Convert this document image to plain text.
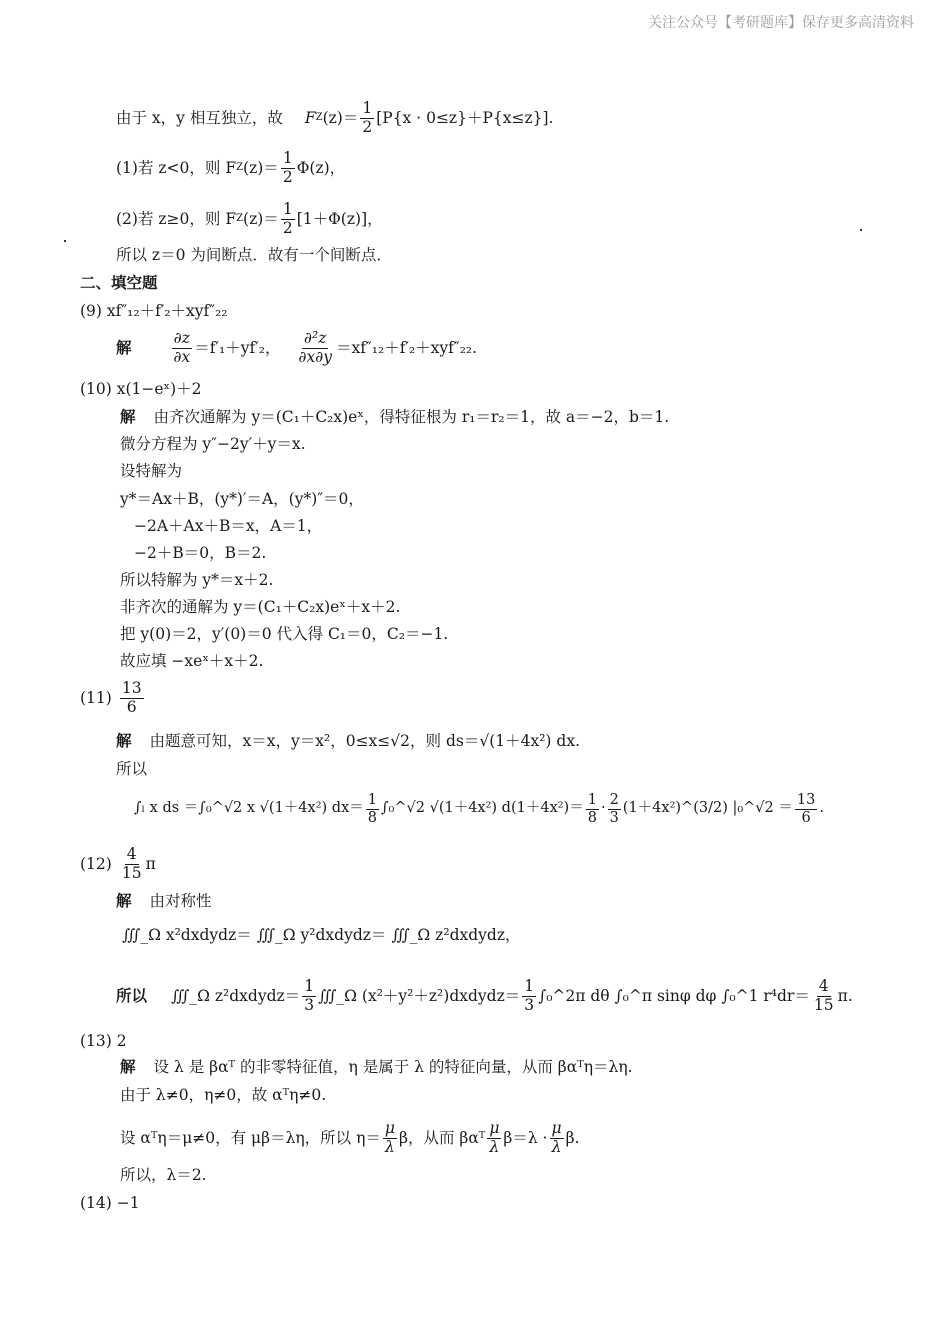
关注公众号【考研题库】保存更多高清资料
由于 x，y 相互独立，故 F Z $(z)= \frac{1}{2} [P\{x \cdot 0\le z\}+P\{x\le z\}]$.
(1)若 z<0，则 F Z $(z)= \frac{1}{2} \Phi(z)$，
(2)若 z≥0，则 F Z $(z)= \frac{1}{2} [1+\Phi(z)]$，
所以 z＝0 为间断点．故有一个间断点．
二、填空题
(9) xf″₁₂＋f′₂＋xyf″₂₂
解	$\frac{\partial z}{\partial x} =f'_1+yf'_2$， $\frac{\text{∂²z}}{\partial x\partial y} =xf''_{12}+f'_2+xyf''_{22}$.
(10) x(1−eˣ)＋2
解 由齐次通解为 y＝(C₁＋C₂x)eˣ，得特征根为 r₁＝r₂＝1，故 a＝−2，b＝1.
微分方程为 y″−2y′＋y＝x.
设特解为
y*＝Ax＋B，(y*)′＝A，(y*)″＝0，
−2A＋Ax＋B＝x，A＝1，
−2＋B＝0，B＝2.
所以特解为 y*＝x＋2.
非齐次的通解为 y＝(C₁＋C₂x)eˣ＋x＋2.
把 y(0)＝2，y′(0)＝0 代入得 C₁＝0，C₂＝−1.
故应填 −xeˣ＋x＋2.
$(11) \frac{13}{6}$
解 由题意可知，x＝x，y＝x²，0≤x≤√2，则 ds＝√(1＋4x²) dx.
所以
∫ₗ x ds ＝∫₀^√2 x √(1＋4x²) $dx= \frac{1}{8}$ ∫₀^√2 √(1＋4x²) $d(1+4x^2)= \frac{1}{8} \cdot \frac{2}{3}$ (1＋4x²)^(3/2) |₀^√2 ＝ $\frac{13}{6}$ .
$(12) \frac{4}{15}$ π
解 由对称性
∭_Ω x²dxdydz＝ ∭_Ω y²dxdydz＝ ∭_Ω z²dxdydz，
所以 ∭_Ω z²dxdydz＝ $\frac{1}{3}$ ∭_Ω (x²＋y²＋z²)dxdydz＝ $\frac{1}{3}$ ∫₀^2π dθ ∫₀^π sinφ dφ ∫₀^1 $r^4dr= \frac{4}{15} \pi$.
(13) 2
解 设 λ 是 βαᵀ 的非零特征值，η 是属于 λ 的特征向量，从而 βαᵀη＝λη.
由于 λ≠0，η≠0，故 αᵀη≠0.
设 αᵀη＝μ≠0，有 μβ＝λη，所以 $\eta= \frac{\mu}{\lambda}$ β，从而 βαᵀ $\frac{\mu}{\lambda} \beta=\lambda \cdot \frac{\mu}{\lambda} \beta$.
所以，λ＝2.
(14) −1
